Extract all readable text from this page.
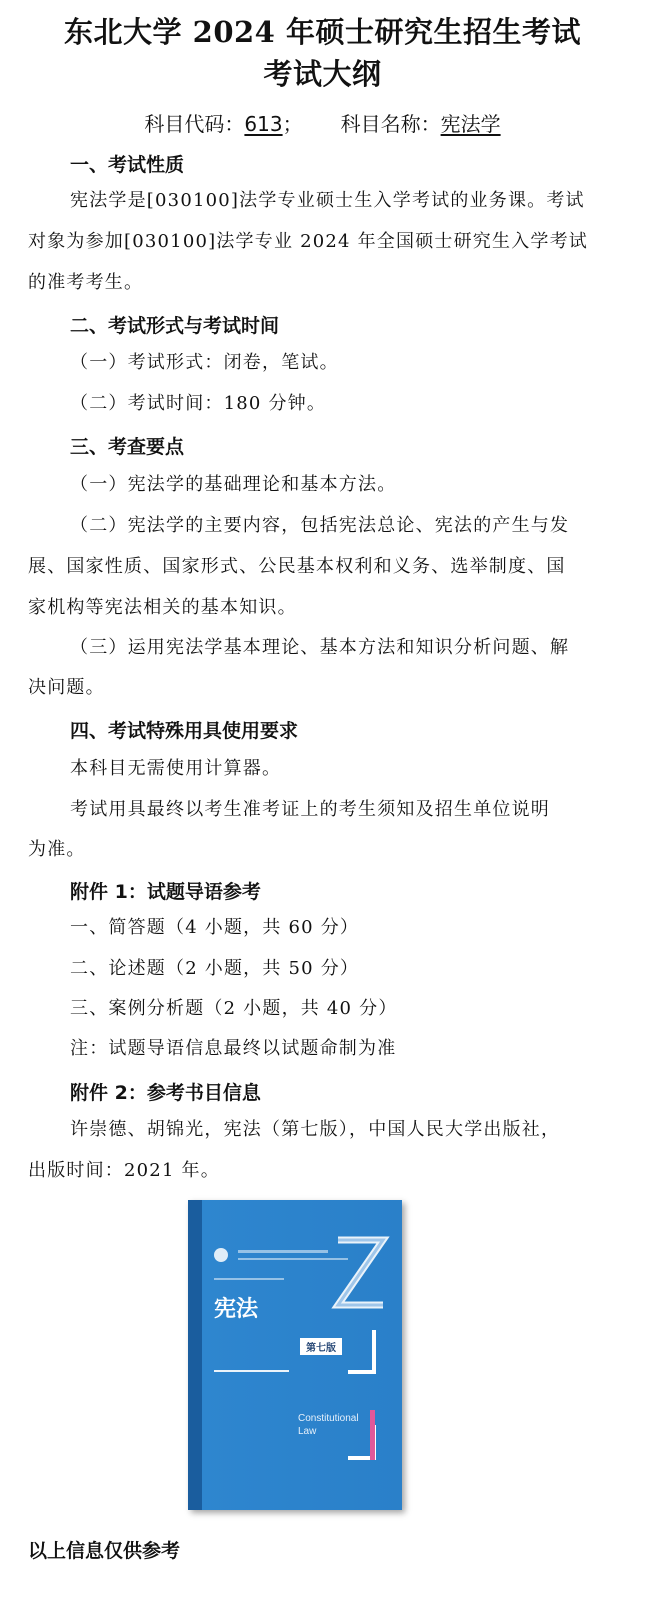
东北大学 2024 年硕士研究生招生考试
考试大纲
科目代码：613； 科目名称：宪法学
一、考试性质
宪法学是[030100]法学专业硕士生入学考试的业务课。考试
对象为参加[030100]法学专业 2024 年全国硕士研究生入学考试
的准考考生。
二、考试形式与考试时间
（一）考试形式：闭卷，笔试。
（二）考试时间：180 分钟。
三、考查要点
（一）宪法学的基础理论和基本方法。
（二）宪法学的主要内容，包括宪法总论、宪法的产生与发
展、国家性质、国家形式、公民基本权利和义务、选举制度、国
家机构等宪法相关的基本知识。
（三）运用宪法学基本理论、基本方法和知识分析问题、解
决问题。
四、考试特殊用具使用要求
本科目无需使用计算器。
考试用具最终以考生准考证上的考生须知及招生单位说明
为准。
附件 1：试题导语参考
一、简答题（4 小题，共 60 分）
二、论述题（2 小题，共 50 分）
三、案例分析题（2 小题，共 40 分）
注：试题导语信息最终以试题命制为准
附件 2：参考书目信息
许崇德、胡锦光，宪法（第七版），中国人民大学出版社，
出版时间：2021 年。
宪法
第七版
Constitutional Law
以上信息仅供参考
